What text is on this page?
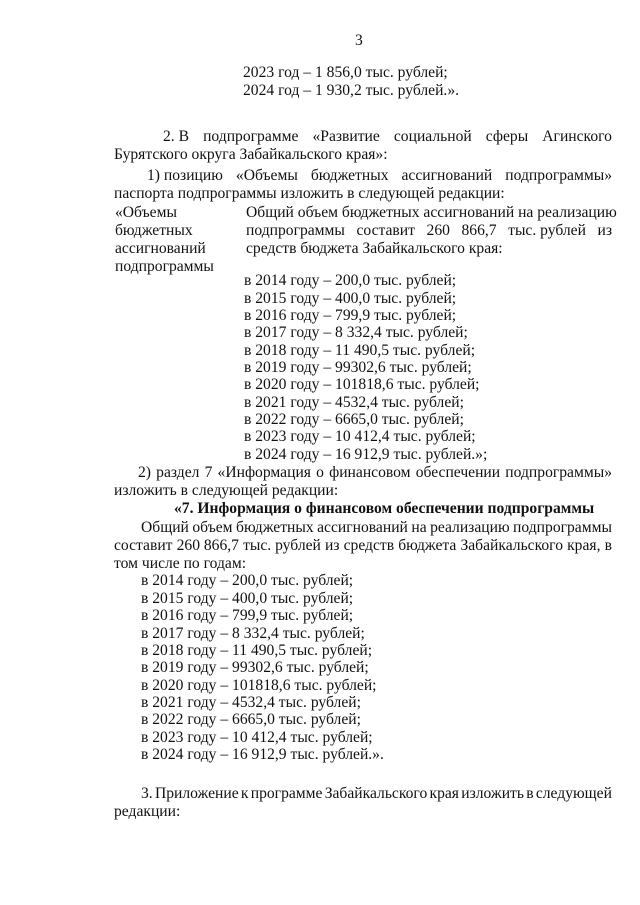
3
2023 год – 1 856,0 тыс. рублей;
2024 год – 1 930,2 тыс. рублей.».
2. В подпрограмме «Развитие социальной сферы Агинского
Бурятского округа Забайкальского края»:
1) позицию «Объемы бюджетных ассигнований подпрограммы»
паспорта подпрограммы изложить в следующей редакции:
«Объемы
бюджетных
ассигнований
подпрограммы
Общий объем бюджетных ассигнований на реализацию
подпрограммы составит 260 866,7 тыс. рублей из
средств бюджета Забайкальского края:
в 2014 году – 200,0 тыс. рублей;
в 2015 году – 400,0 тыс. рублей;
в 2016 году – 799,9 тыс. рублей;
в 2017 году – 8 332,4 тыс. рублей;
в 2018 году – 11 490,5 тыс. рублей;
в 2019 году – 99302,6 тыс. рублей;
в 2020 году – 101818,6 тыс. рублей;
в 2021 году – 4532,4 тыс. рублей;
в 2022 году – 6665,0 тыс. рублей;
в 2023 году – 10 412,4 тыс. рублей;
в 2024 году – 16 912,9 тыс. рублей.»;
2) раздел 7 «Информация о финансовом обеспечении подпрограммы»
изложить в следующей редакции:
«7. Информация о финансовом обеспечении подпрограммы
Общий объем бюджетных ассигнований на реализацию подпрограммы
составит 260 866,7 тыс. рублей из средств бюджета Забайкальского края, в
том числе по годам:
в 2014 году – 200,0 тыс. рублей;
в 2015 году – 400,0 тыс. рублей;
в 2016 году – 799,9 тыс. рублей;
в 2017 году – 8 332,4 тыс. рублей;
в 2018 году – 11 490,5 тыс. рублей;
в 2019 году – 99302,6 тыс. рублей;
в 2020 году – 101818,6 тыс. рублей;
в 2021 году – 4532,4 тыс. рублей;
в 2022 году – 6665,0 тыс. рублей;
в 2023 году – 10 412,4 тыс. рублей;
в 2024 году – 16 912,9 тыс. рублей.».
3. Приложение к программе Забайкальского края изложить в следующей
редакции:
